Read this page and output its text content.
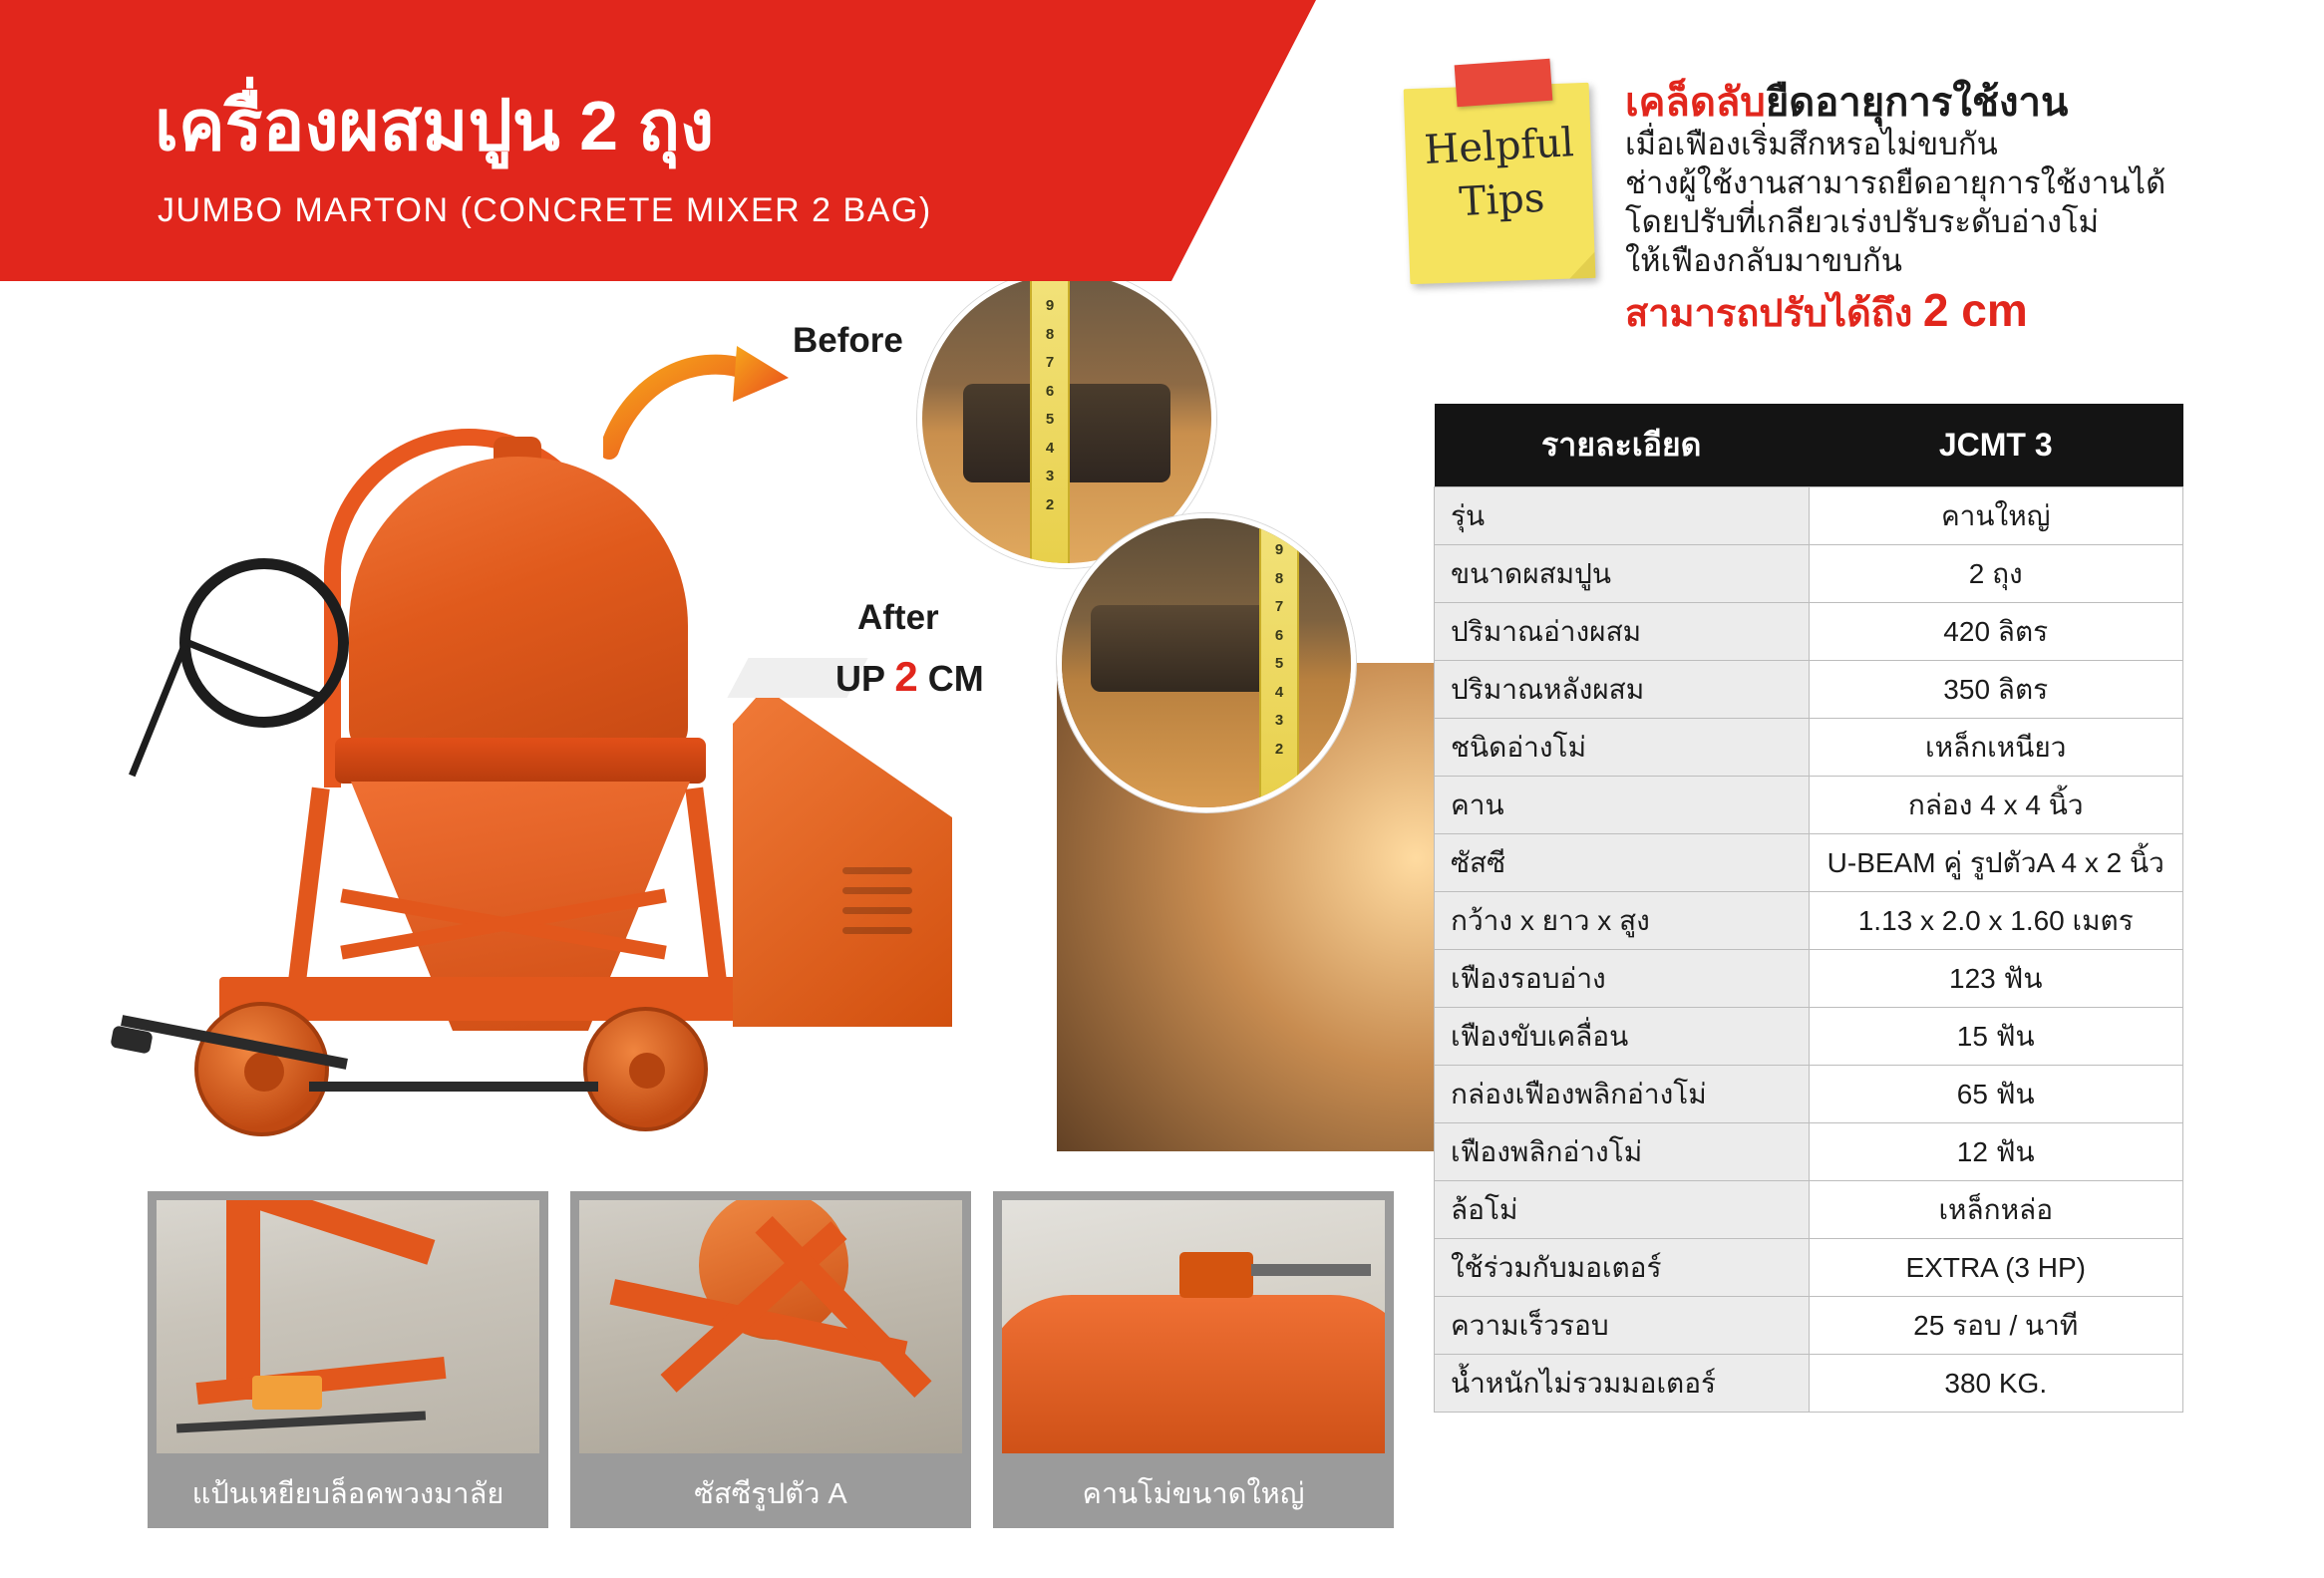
เครื่องผสมปูน 2 ถุง
JUMBO MARTON (CONCRETE MIXER 2 BAG)
Helpful
Tips
เคล็ดลับยืดอายุการใช้งาน
เมื่อเฟืองเริ่มสึกหรอไม่ขบกัน
ช่างผู้ใช้งานสามารถยืดอายุการใช้งานได้
โดยปรับที่เกลียวเร่งปรับระดับอ่างโม่
ให้เฟืองกลับมาขบกัน
สามารถปรับได้ถึง 2 cm
Before
9
8
7
6
5
4
3
2
After
UP 2 CM
9
8
7
6
5
4
3
2
แป้นเหยียบล็อคพวงมาลัย	ซัสซีรูปตัว A	คานโม่ขนาดใหญ่
รายละเอียด	JCMT 3
รุ่น	คานใหญ่
ขนาดผสมปูน	2 ถุง
ปริมาณอ่างผสม	420 ลิตร
ปริมาณหลังผสม	350 ลิตร
ชนิดอ่างโม่	เหล็กเหนียว
คาน	กล่อง 4 x 4 นิ้ว
ซัสซี	U-BEAM คู่ รูปตัวA 4 x 2 นิ้ว
กว้าง x ยาว x สูง	1.13 x 2.0 x 1.60 เมตร
เฟืองรอบอ่าง	123 ฟัน
เฟืองขับเคลื่อน	15 ฟัน
กล่องเฟืองพลิกอ่างโม่	65 ฟัน
เฟืองพลิกอ่างโม่	12 ฟัน
ล้อโม่	เหล็กหล่อ
ใช้ร่วมกับมอเตอร์	EXTRA (3 HP)
ความเร็วรอบ	25 รอบ / นาที
น้ำหนักไม่รวมมอเตอร์	380 KG.
